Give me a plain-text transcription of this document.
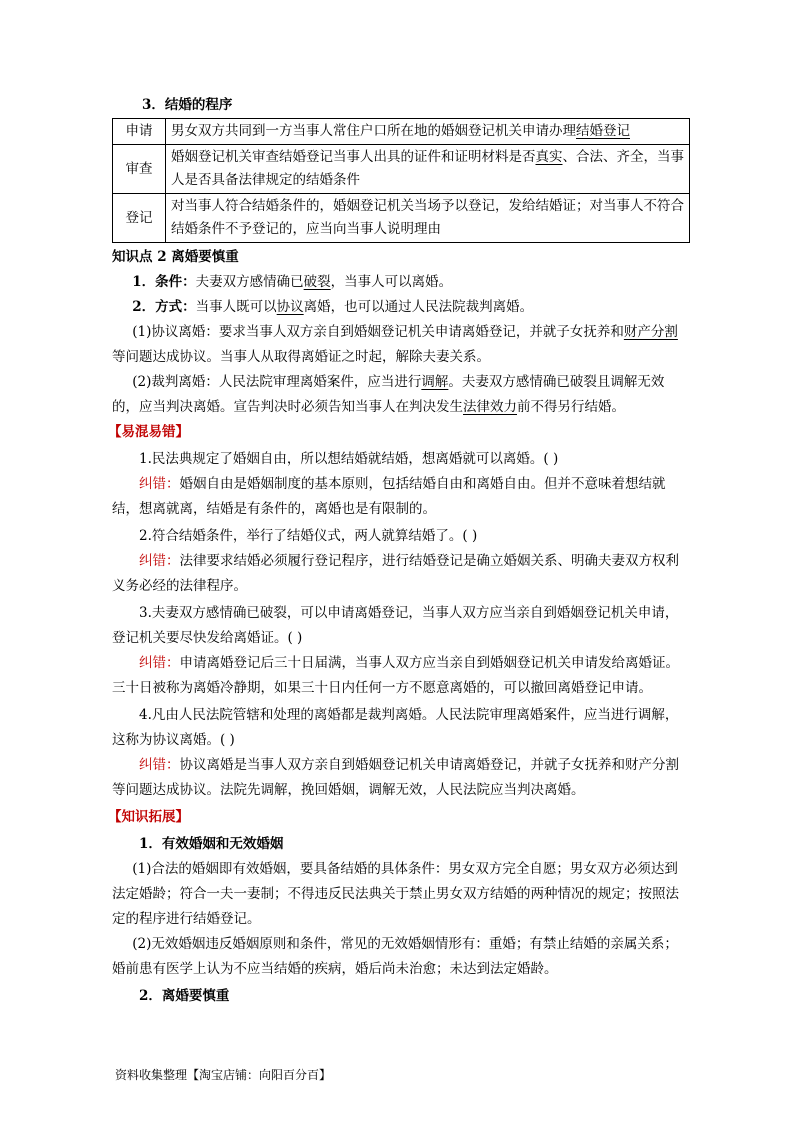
3．结婚的程序
申请	男女双方共同到一方当事人常住户口所在地的婚姻登记机关申请办理结婚登记
审查	婚姻登记机关审查结婚登记当事人出具的证件和证明材料是否真实、合法、齐全，当事人是否具备法律规定的结婚条件
登记	对当事人符合结婚条件的，婚姻登记机关当场予以登记，发给结婚证；对当事人不符合结婚条件不予登记的，应当向当事人说明理由

知识点 2 离婚要慎重

1．条件：夫妻双方感情确已破裂，当事人可以离婚。

2．方式：当事人既可以协议离婚，也可以通过人民法院裁判离婚。

(1)协议离婚：要求当事人双方亲自到婚姻登记机关申请离婚登记，并就子女抚养和财产分割等问题达成协议。当事人从取得离婚证之时起，解除夫妻关系。

(2)裁判离婚：人民法院审理离婚案件，应当进行调解。夫妻双方感情确已破裂且调解无效的，应当判决离婚。宣告判决时必须告知当事人在判决发生法律效力前不得另行结婚。

【易混易错】

1.民法典规定了婚姻自由，所以想结婚就结婚，想离婚就可以离婚。( )

纠错：婚姻自由是婚姻制度的基本原则，包括结婚自由和离婚自由。但并不意味着想结就结，想离就离，结婚是有条件的，离婚也是有限制的。

2.符合结婚条件，举行了结婚仪式，两人就算结婚了。( )

纠错：法律要求结婚必须履行登记程序，进行结婚登记是确立婚姻关系、明确夫妻双方权利义务必经的法律程序。

3.夫妻双方感情确已破裂，可以申请离婚登记，当事人双方应当亲自到婚姻登记机关申请，登记机关要尽快发给离婚证。( )

纠错：申请离婚登记后三十日届满，当事人双方应当亲自到婚姻登记机关申请发给离婚证。三十日被称为离婚冷静期，如果三十日内任何一方不愿意离婚的，可以撤回离婚登记申请。

4.凡由人民法院管辖和处理的离婚都是裁判离婚。人民法院审理离婚案件，应当进行调解，这称为协议离婚。( )

纠错：协议离婚是当事人双方亲自到婚姻登记机关申请离婚登记，并就子女抚养和财产分割等问题达成协议。法院先调解，挽回婚姻，调解无效，人民法院应当判决离婚。

【知识拓展】

1．有效婚姻和无效婚姻

(1)合法的婚姻即有效婚姻，要具备结婚的具体条件：男女双方完全自愿；男女双方必须达到法定婚龄；符合一夫一妻制；不得违反民法典关于禁止男女双方结婚的两种情况的规定；按照法定的程序进行结婚登记。

(2)无效婚姻违反婚姻原则和条件，常见的无效婚姻情形有：重婚；有禁止结婚的亲属关系；婚前患有医学上认为不应当结婚的疾病，婚后尚未治愈；未达到法定婚龄。

2．离婚要慎重

资料收集整理【淘宝店铺：向阳百分百】
